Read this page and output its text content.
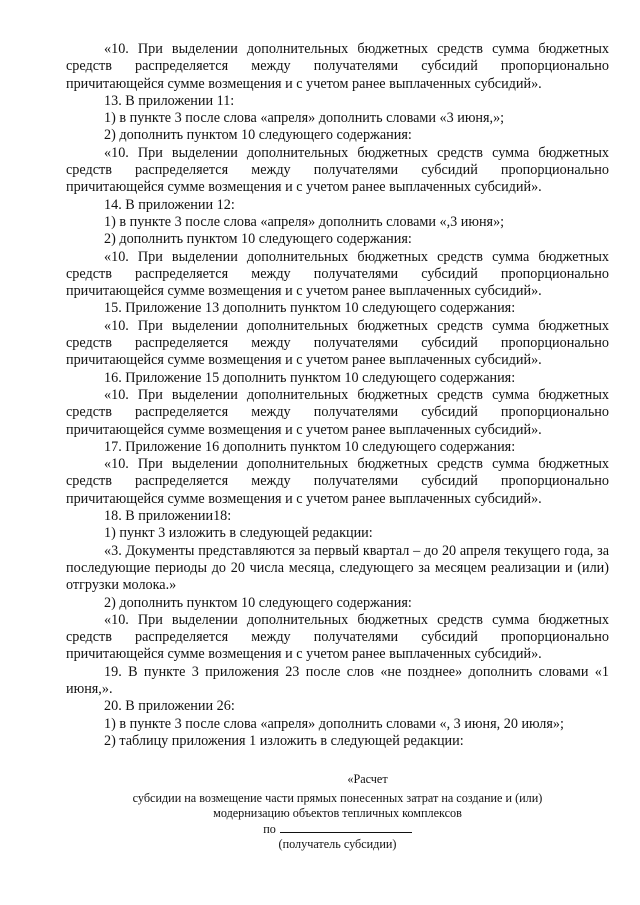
«10. При выделении дополнительных бюджетных средств сумма бюджетных средств распределяется между получателями субсидий пропорционально причитающейся сумме возмещения и с учетом ранее выплаченных субсидий».

13. В приложении 11:

1) в пункте 3 после слова «апреля» дополнить словами «3 июня,»;

2) дополнить пунктом 10 следующего содержания:

«10. При выделении дополнительных бюджетных средств сумма бюджетных средств распределяется между получателями субсидий пропорционально причитающейся сумме возмещения и с учетом ранее выплаченных субсидий».

14. В приложении 12:

1) в пункте 3 после слова «апреля» дополнить словами «,3 июня»;

2) дополнить пунктом 10 следующего содержания:

«10. При выделении дополнительных бюджетных средств сумма бюджетных средств распределяется между получателями субсидий пропорционально причитающейся сумме возмещения и с учетом ранее выплаченных субсидий».

15. Приложение 13 дополнить пунктом 10 следующего содержания:

«10. При выделении дополнительных бюджетных средств сумма бюджетных средств распределяется между получателями субсидий пропорционально причитающейся сумме возмещения и с учетом ранее выплаченных субсидий».

16. Приложение 15 дополнить пунктом 10 следующего содержания:

«10. При выделении дополнительных бюджетных средств сумма бюджетных средств распределяется между получателями субсидий пропорционально причитающейся сумме возмещения и с учетом ранее выплаченных субсидий».

17. Приложение 16 дополнить пунктом 10 следующего содержания:

«10. При выделении дополнительных бюджетных средств сумма бюджетных средств распределяется между получателями субсидий пропорционально причитающейся сумме возмещения и с учетом ранее выплаченных субсидий».

18. В приложении18:

1) пункт 3 изложить в следующей редакции:

«3. Документы представляются за первый квартал – до 20 апреля текущего года, за последующие периоды до 20 числа месяца, следующего за месяцем реализации и (или) отгрузки молока.»

2) дополнить пунктом 10 следующего содержания:

«10. При выделении дополнительных бюджетных средств сумма бюджетных средств распределяется между получателями субсидий пропорционально причитающейся сумме возмещения и с учетом ранее выплаченных субсидий».

19. В пункте 3 приложения 23 после слов «не позднее» дополнить словами «1 июня,».

20. В приложении 26:

1) в пункте 3 после слова «апреля» дополнить словами «, 3 июня, 20 июля»;

2) таблицу приложения 1 изложить в следующей редакции:

«Расчет
субсидии на возмещение части прямых понесенных затрат на создание и (или)
модернизацию объектов тепличных комплексов
по
(получатель субсидии)
